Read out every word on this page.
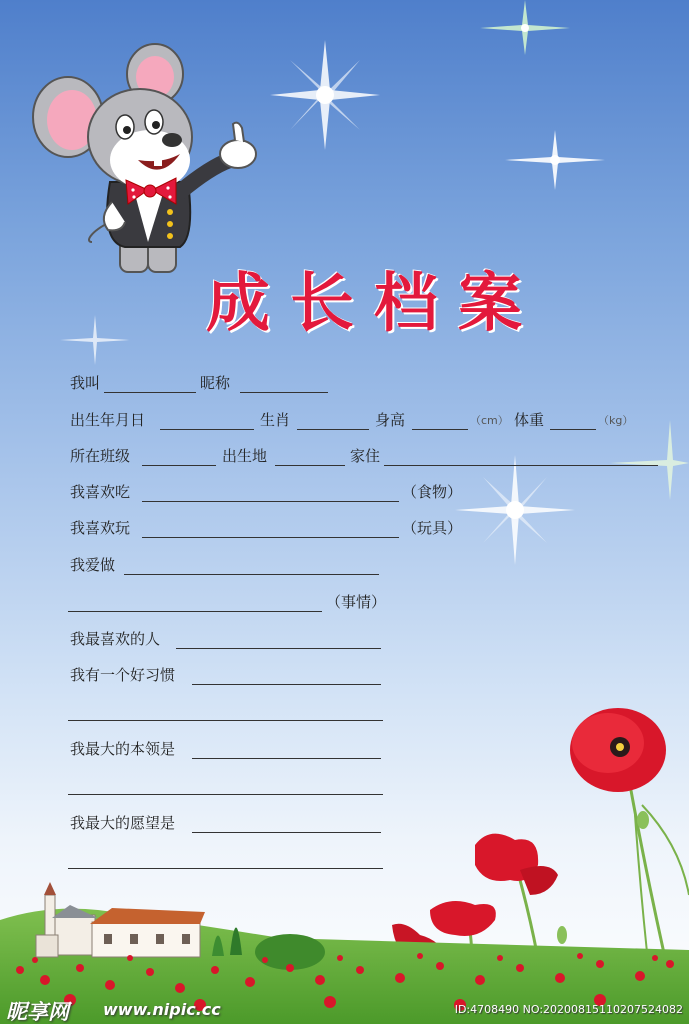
成长档案
我叫	昵称
出生年月日	生肖	身高	（cm） 体重	（kg）
所在班级	出生地	家住
我喜欢吃	（食物）
我喜欢玩	（玩具）
我爱做
（事情）
我最喜欢的人
我有一个好习惯
我最大的本领是
我最大的愿望是
昵享网 www.nipic.cc	ID:4708490 NO:20200815110207524082
